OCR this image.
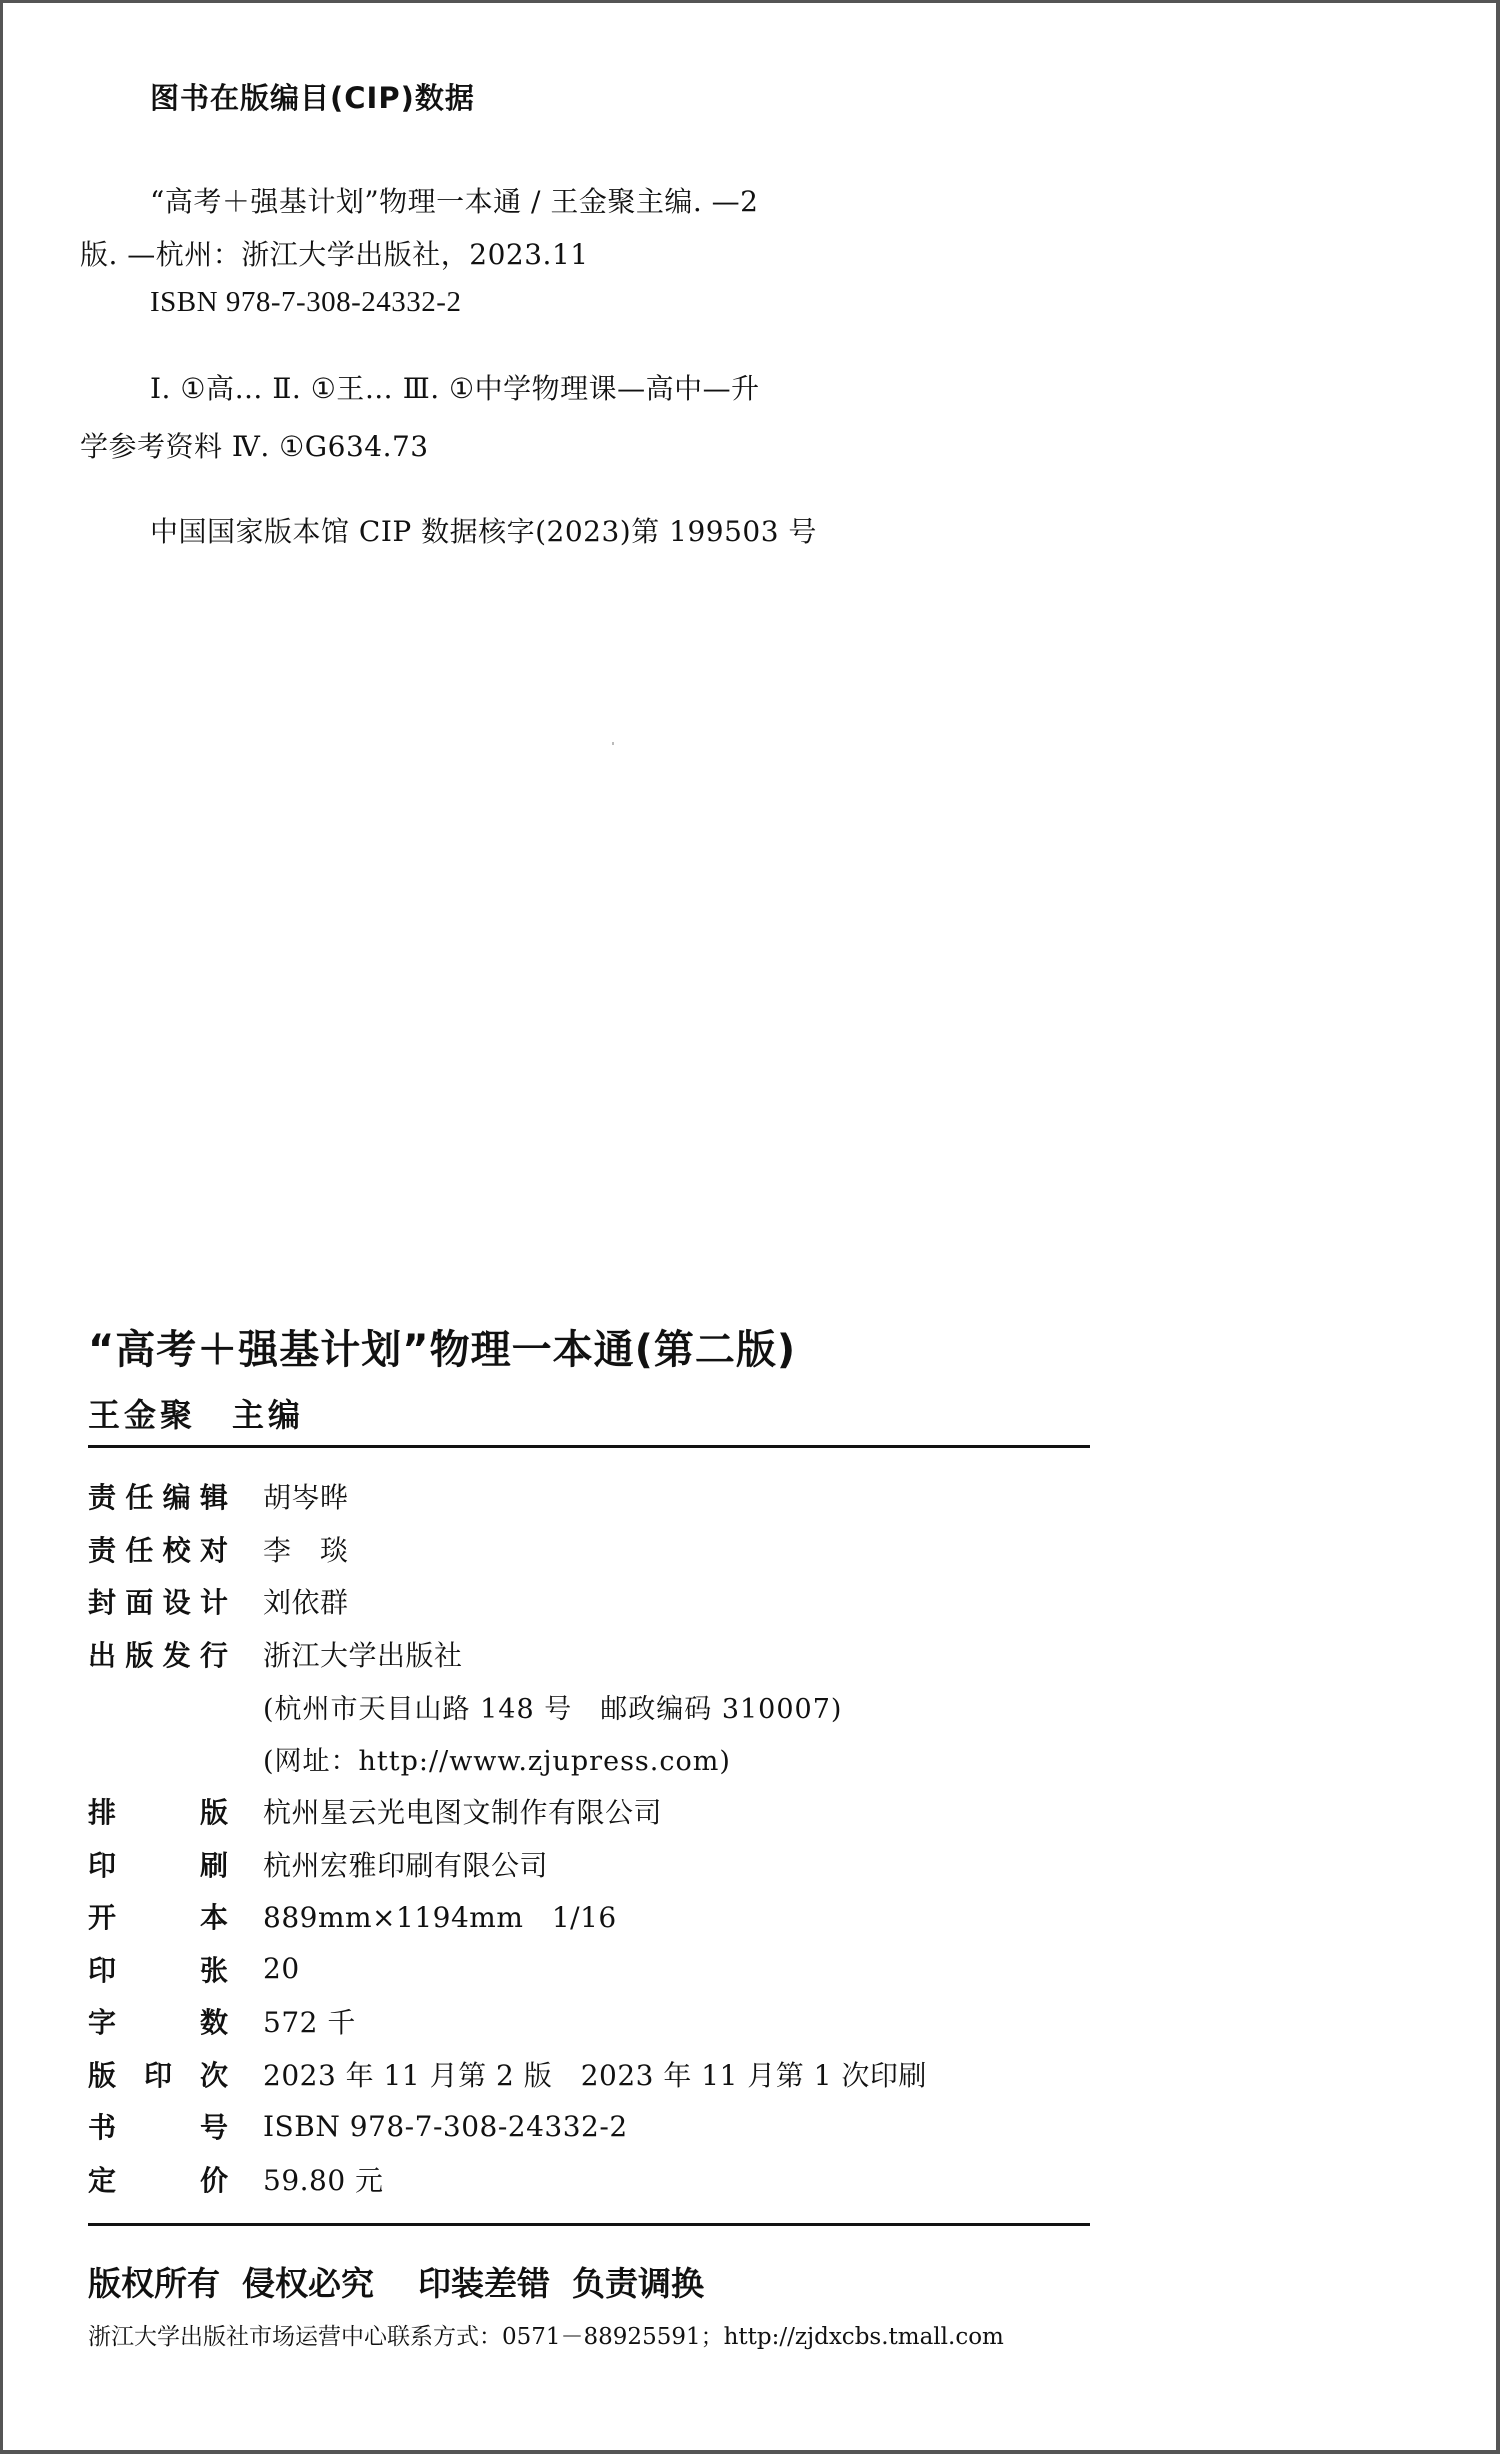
图书在版编目(CIP)数据
“高考＋强基计划”物理一本通 / 王金聚主编. —2
版. —杭州：浙江大学出版社，2023.11
ISBN 978-7-308-24332-2
Ⅰ. ①高… Ⅱ. ①王… Ⅲ. ①中学物理课—高中—升
学参考资料 Ⅳ. ①G634.73
中国国家版本馆 CIP 数据核字(2023)第 199503 号
“高考＋强基计划”物理一本通(第二版)
王金聚　主编
责 任 编 辑 胡岑晔
责 任 校 对 李　琰
封 面 设 计 刘依群
出 版 发 行 浙江大学出版社
(杭州市天目山路 148 号　邮政编码 310007)
(网址：http://www.zjupress.com)
排	版 杭州星云光电图文制作有限公司
印	刷 杭州宏雅印刷有限公司
开	本 889mm×1194mm　1/16
印	张 20
字	数 572 千
版 印 次 2023 年 11 月第 2 版　2023 年 11 月第 1 次印刷
书	号 ISBN 978-7-308-24332-2
定	价 59.80 元
版权所有 侵权必究 印装差错 负责调换
浙江大学出版社市场运营中心联系方式：0571－88925591；http://zjdxcbs.tmall.com
